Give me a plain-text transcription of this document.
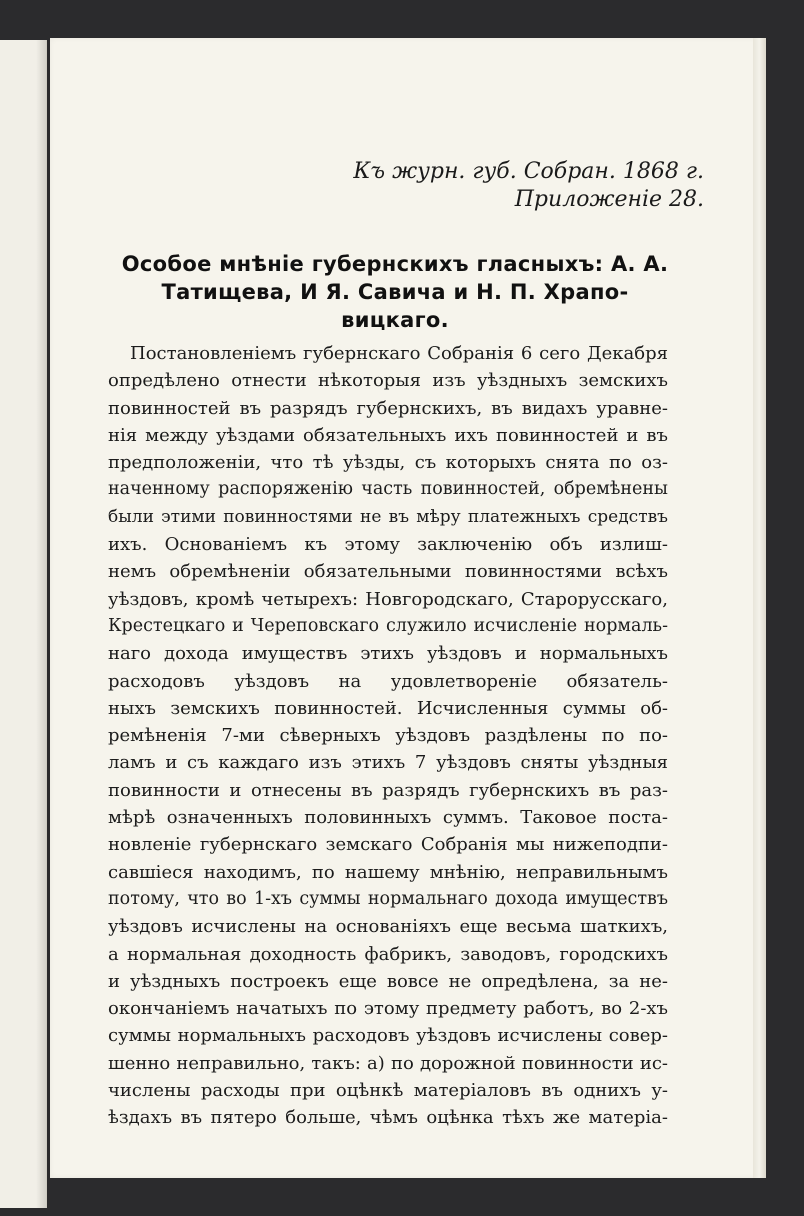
Къ журн. губ. Собран. 1868 г.
Приложеніе 28.
Особое мнѣніе губернскихъ гласныхъ: А. А.
Татищева, И Я. Савича и Н. П. Храпо-
вицкаго.
Постановленіемъ губернскаго Собранія 6 сего Декабря
опредѣлено отнести нѣкоторыя изъ уѣздныхъ земскихъ
повинностей въ разрядъ губернскихъ, въ видахъ уравне-
нія между уѣздами обязательныхъ ихъ повинностей и въ
предположеніи, что тѣ уѣзды, съ которыхъ снята по оз-
наченному распоряженію часть повинностей, обремѣнены
были этими повинностями не въ мѣру платежныхъ средствъ
ихъ. Основаніемъ къ этому заключенію объ излиш-
немъ обремѣненіи обязательными повинностями всѣхъ
уѣздовъ, кромѣ четырехъ: Новгородскаго, Старорусскаго,
Крестецкаго и Череповскаго служило исчисленіе нормаль-
наго дохода имуществъ этихъ уѣздовъ и нормальныхъ
расходовъ уѣздовъ на удовлетвореніе обязатель-
ныхъ земскихъ повинностей. Исчисленныя суммы об-
ремѣненія 7-ми сѣверныхъ уѣздовъ раздѣлены по по-
ламъ и съ каждаго изъ этихъ 7 уѣздовъ сняты уѣздныя
повинности и отнесены въ разрядъ губернскихъ въ раз-
мѣрѣ означенныхъ половинныхъ суммъ. Таковое поста-
новленіе губернскаго земскаго Собранія мы нижеподпи-
савшіеся находимъ, по нашему мнѣнію, неправильнымъ
потому, что во 1-хъ суммы нормальнаго дохода имуществъ
уѣздовъ исчислены на основаніяхъ еще весьма шаткихъ,
а нормальная доходность фабрикъ, заводовъ, городскихъ
и уѣздныхъ построекъ еще вовсе не опредѣлена, за не-
окончаніемъ начатыхъ по этому предмету работъ, во 2-хъ
суммы нормальныхъ расходовъ уѣздовъ исчислены совер-
шенно неправильно, такъ: а) по дорожной повинности ис-
числены расходы при оцѣнкѣ матеріаловъ въ однихъ у-
ѣздахъ въ пятеро больше, чѣмъ оцѣнка тѣхъ же матеріа-
